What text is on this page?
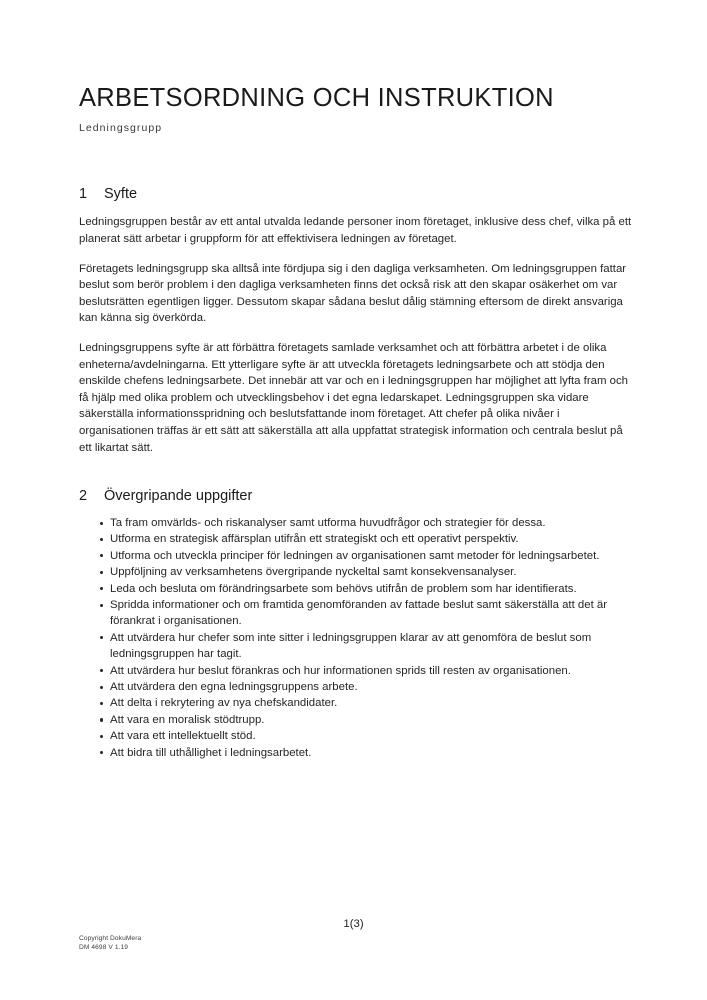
ARBETSORDNING OCH INSTRUKTION
Ledningsgrupp
1	Syfte

Ledningsgruppen består av ett antal utvalda ledande personer inom företaget, inklusive dess chef, vilka på ett planerat sätt arbetar i gruppform för att effektivisera ledningen av företaget.

Företagets ledningsgrupp ska alltså inte fördjupa sig i den dagliga verksamheten. Om ledningsgruppen fattar beslut som berör problem i den dagliga verksamheten finns det också risk att den skapar osäkerhet om var beslutsrätten egentligen ligger. Dessutom skapar sådana beslut dålig stämning eftersom de direkt ansvariga kan känna sig överkörda.

Ledningsgruppens syfte är att förbättra företagets samlade verksamhet och att förbättra arbetet i de olika enheterna/avdelningarna. Ett ytterligare syfte är att utveckla företagets ledningsarbete och att stödja den enskilde chefens ledningsarbete. Det innebär att var och en i ledningsgruppen har möjlighet att lyfta fram och få hjälp med olika problem och utvecklingsbehov i det egna ledarskapet. Ledningsgruppen ska vidare säkerställa informationsspridning och beslutsfattande inom företaget. Att chefer på olika nivåer i organisationen träffas är ett sätt att säkerställa att alla uppfattat strategisk information och centrala beslut på ett likartat sätt.

2	Övergripande uppgifter
Ta fram omvärlds- och riskanalyser samt utforma huvudfrågor och strategier för dessa.
Utforma en strategisk affärsplan utifrån ett strategiskt och ett operativt perspektiv.
Utforma och utveckla principer för ledningen av organisationen samt metoder för ledningsarbetet.
Uppföljning av verksamhetens övergripande nyckeltal samt konsekvensanalyser.
Leda och besluta om förändringsarbete som behövs utifrån de problem som har identifierats.
Spridda informationer och om framtida genomföranden av fattade beslut samt säkerställa att det är förankrat i organisationen.
Att utvärdera hur chefer som inte sitter i ledningsgruppen klarar av att genomföra de beslut som ledningsgruppen har tagit.
Att utvärdera hur beslut förankras och hur informationen sprids till resten av organisationen.
Att utvärdera den egna ledningsgruppens arbete.
Att delta i rekrytering av nya chefskandidater.
Att vara en moralisk stödtrupp.
Att vara ett intellektuellt stöd.
Att bidra till uthållighet i ledningsarbetet.
1(3)
Copyright DokuMera
DM 4698 V 1.19
